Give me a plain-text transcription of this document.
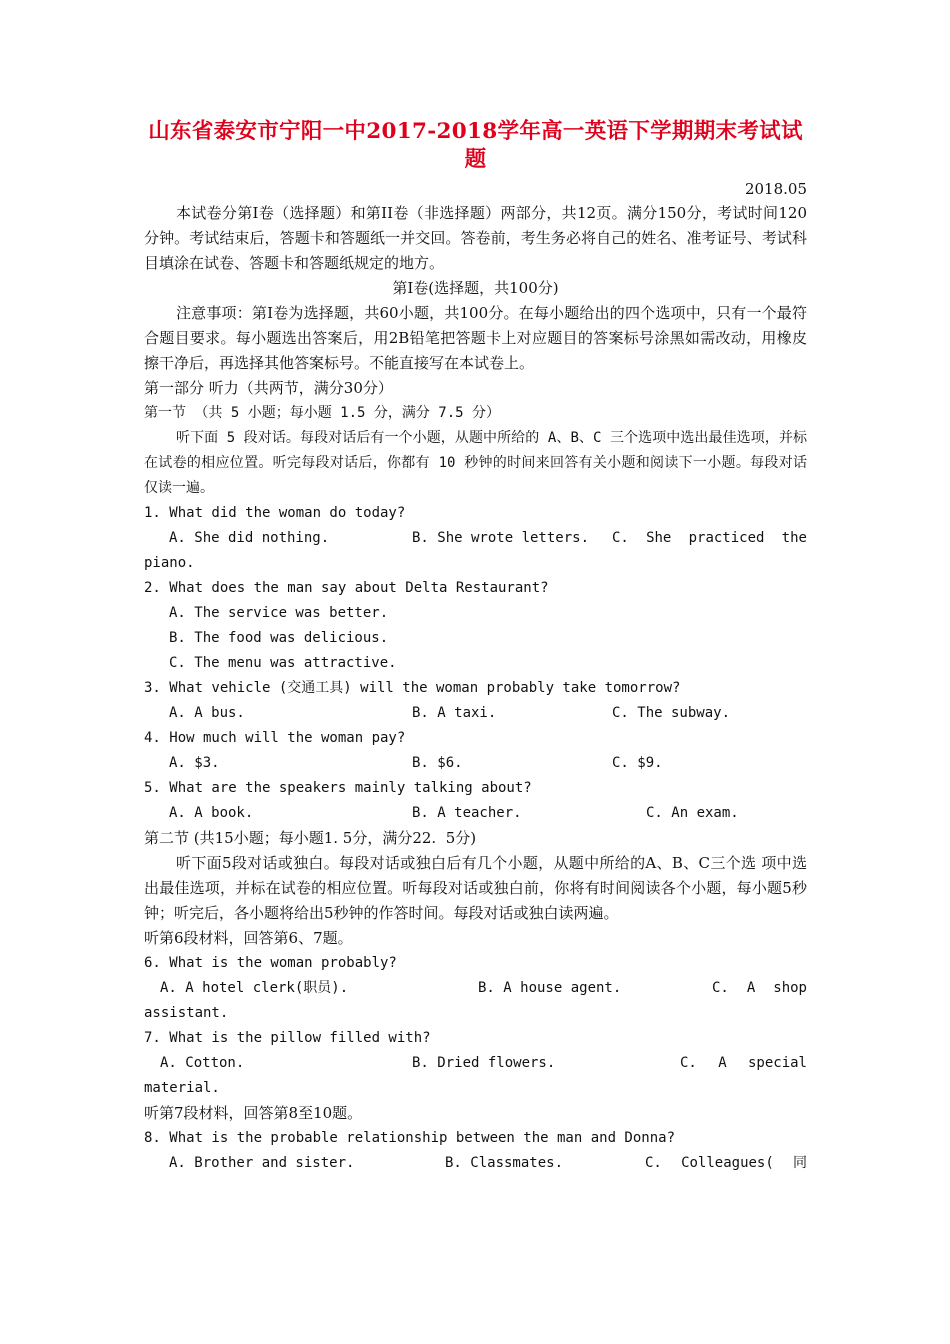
山东省泰安市宁阳一中2017-2018学年高一英语下学期期末考试试
题
2018.05

本试卷分第I卷（选择题）和第II卷（非选择题）两部分，共12页。满分150分，考试时间120分钟。考试结束后，答题卡和答题纸一并交回。答卷前，考生务必将自己的姓名、准考证号、考试科目填涂在试卷、答题卡和答题纸规定的地方。

第Ⅰ卷(选择题，共100分)

注意事项：第Ⅰ卷为选择题，共60小题，共100分。在每小题给出的四个选项中，只有一个最符合题目要求。每小题选出答案后，用2B铅笔把答题卡上对应题目的答案标号涂黑如需改动，用橡皮擦干净后，再选择其他答案标号。不能直接写在本试卷上。

第一部分 听力（共两节，满分30分）
第一节 （共 5 小题；每小题 1.5 分，满分 7.5 分）

听下面 5 段对话。每段对话后有一个小题，从题中所给的 A、B、C 三个选项中选出最佳选项，并标在试卷的相应位置。听完每段对话后，你都有 10 秒钟的时间来回答有关小题和阅读下一小题。每段对话仅读一遍。

1. What did the woman do today?
A. She did nothing.	B. She wrote letters.	C. She practiced the
piano.
2. What does the man say about Delta Restaurant?
A. The service was better.
B. The food was delicious.
C. The menu was attractive.
3. What vehicle (交通工具) will the woman probably take tomorrow?
A. A bus.	B. A taxi.	C. The subway.
4. How much will the woman pay?
A. $3.	B. $6.	C. $9.
5. What are the speakers mainly talking about?
A. A book.	B. A teacher.	C. An exam.
第二节 (共15小题；每小题1. 5分，满分22.  5分)

听下面5段对话或独白。每段对话或独白后有几个小题，从题中所给的A、B、C三个选 项中选出最佳选项，并标在试卷的相应位置。听每段对话或独白前，你将有时间阅读各个小题，每小题5秒钟；听完后，各小题将给出5秒钟的作答时间。每段对话或独白读两遍。

听第6段材料，回答第6、7题。
6. What is the woman probably?
A. A hotel clerk(职员).	B. A house agent.	C. A shop
assistant.
7. What is the pillow filled with?
A. Cotton.	B. Dried flowers.	C. A special
material.
听第7段材料，回答第8至10题。
8. What is the probable relationship between the man and Donna?
A. Brother and sister.	B. Classmates.	C. Colleagues( 同
